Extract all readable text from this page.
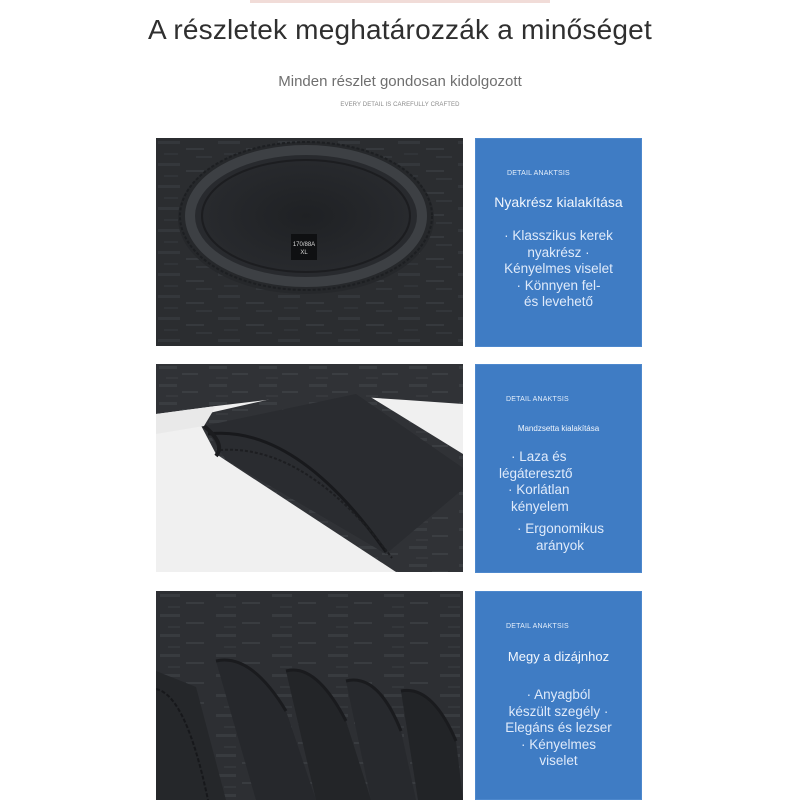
A részletek meghatározzák a minőséget
Minden részlet gondosan kidolgozott
EVERY DETAIL IS CAREFULLY CRAFTED
170/88A
XL
DETAIL ANAKTSIS
Nyakrész kialakítása
· Klasszikus kerek
nyakrész ·
Kényelmes viselet
· Könnyen fel-
és levehető
DETAIL ANAKTSIS
Mandzsetta kialakítása
· Laza és
légáteresztő
· Korlátlan
kényelem
· Ergonomikus
arányok
DETAIL ANAKTSIS
Megy a dizájnhoz
· Anyagból
készült szegély ·
Elegáns és lezser
· Kényelmes
viselet
